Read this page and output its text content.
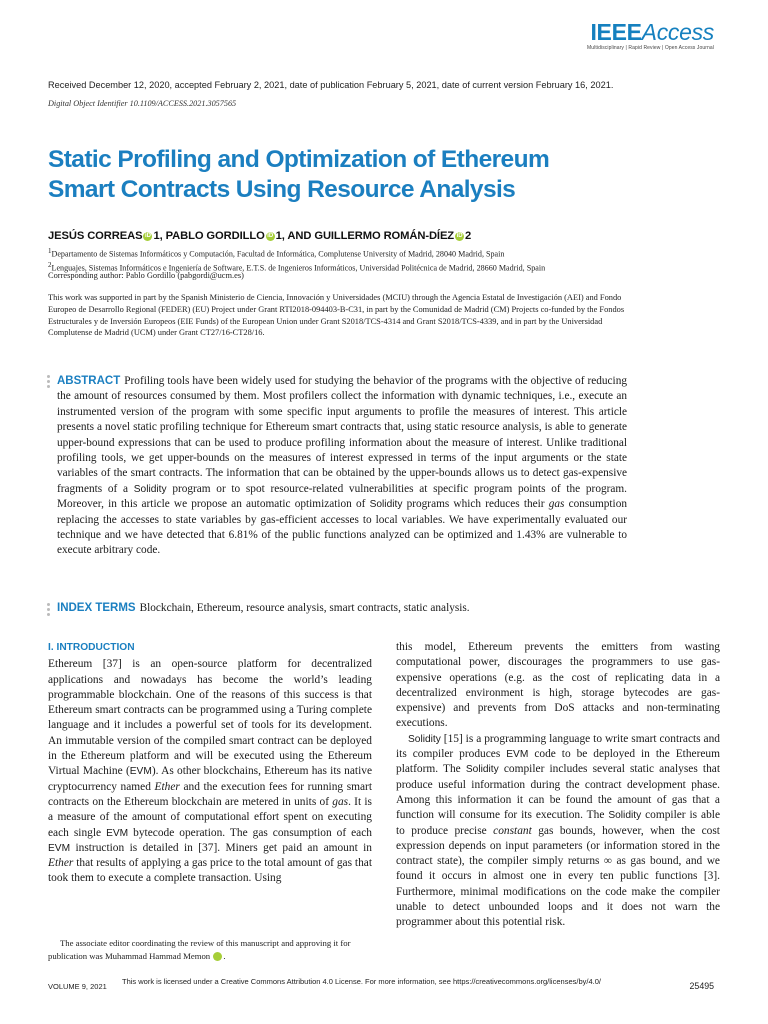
IEEEAccess
Multidisciplinary | Rapid Review | Open Access Journal
Received December 12, 2020, accepted February 2, 2021, date of publication February 5, 2021, date of current version February 16, 2021.
Digital Object Identifier 10.1109/ACCESS.2021.3057565
Static Profiling and Optimization of Ethereum
Smart Contracts Using Resource Analysis
JESÚS CORREAS iD 1, PABLO GORDILLO iD 1, AND GUILLERMO ROMÁN-DÍEZ iD 2
$^1$Departamento de Sistemas Informáticos y Computación, Facultad de Informática, Complutense University of Madrid, 28040 Madrid, Spain
$^2$Lenguajes, Sistemas Informáticos e Ingeniería de Software, E.T.S. de Ingenieros Informáticos, Universidad Politécnica de Madrid, 28660 Madrid, Spain
Corresponding author: Pablo Gordillo (pabgordi@ucm.es)
This work was supported in part by the Spanish Ministerio de Ciencia, Innovación y Universidades (MCIU) through the Agencia Estatal de Investigación (AEI) and Fondo Europeo de Desarrollo Regional (FEDER) (EU) Project under Grant RTI2018-094403-B-C31, in part by the Comunidad de Madrid (CM) Projects co-funded by the Fondos Estructurales y de Inversión Europeos (EIE Funds) of the European Union under Grant S2018/TCS-4314 and Grant S2018/TCS-4339, and in part by the Universidad Complutense de Madrid (UCM) under Grant CT27/16-CT28/16.
ABSTRACT Profiling tools have been widely used for studying the behavior of the programs with the objective of reducing the amount of resources consumed by them. Most profilers collect the information with dynamic techniques, i.e., execute an instrumented version of the program with some specific input arguments to profile the measures of interest. This article presents a novel static profiling technique for Ethereum smart contracts that, using static resource analysis, is able to generate upper-bound expressions that can be used to produce profiling information about the measure of interest. Unlike traditional profiling tools, we get upper-bounds on the measures of interest expressed in terms of the input arguments or the state variables of the smart contracts. The information that can be obtained by the upper-bounds allows us to detect gas-expensive fragments of a Solidity program or to spot resource-related vulnerabilities at specific program points of the program. Moreover, in this article we propose an automatic optimization of Solidity programs which reduces their gas consumption replacing the accesses to state variables by gas-efficient accesses to local variables. We have experimentally evaluated our technique and we have detected that 6.81% of the public functions analyzed can be optimized and 1.43% are vulnerable to execute arbitrary code.
INDEX TERMS Blockchain, Ethereum, resource analysis, smart contracts, static analysis.
I. INTRODUCTION

Ethereum [37] is an open-source platform for decentralized applications and nowadays has become the world’s leading programmable blockchain. One of the reasons of this success is that Ethereum smart contracts can be programmed using a Turing complete language and it includes a powerful set of tools for its development. An immutable version of the compiled smart contract can be deployed in the Ethereum platform and will be executed using the Ethereum Virtual Machine (EVM). As other blockchains, Ethereum has its native cryptocurrency named Ether and the execution fees for running smart contracts on the Ethereum blockchain are metered in units of gas. It is a measure of the amount of computational effort spent on executing each single EVM bytecode operation. The gas consumption of each EVM instruction is detailed in [37]. Miners get paid an amount in Ether that results of applying a gas price to the total amount of gas that took them to execute a complete transaction. Using

this model, Ethereum prevents the emitters from wasting computational power, discourages the programmers to use gas-expensive operations (e.g. as the cost of replicating data in a decentralized environment is high, storage bytecodes are gas-expensive) and prevents from DoS attacks and non-terminating executions.

Solidity [15] is a programming language to write smart contracts and its compiler produces EVM code to be deployed in the Ethereum platform. The Solidity compiler includes several static analyses that produce useful information during the contract development phase. Among this information it can be found the amount of gas that a function will consume for its execution. The Solidity compiler is able to produce precise constant gas bounds, however, when the cost expression depends on input parameters (or information stored in the contract state), the compiler simply returns ∞ as gas bound, and we found it occurs in almost one in every ten public functions [3]. Furthermore, minimal modifications on the code make the compiler unable to detect unbounded loops and it does not warn the programmer about this potential risk.

The associate editor coordinating the review of this manuscript and approving it for publication was Muhammad Hammad Memon	iD.
VOLUME 9, 2021
This work is licensed under a Creative Commons Attribution 4.0 License. For more information, see https://creativecommons.org/licenses/by/4.0/	25495
